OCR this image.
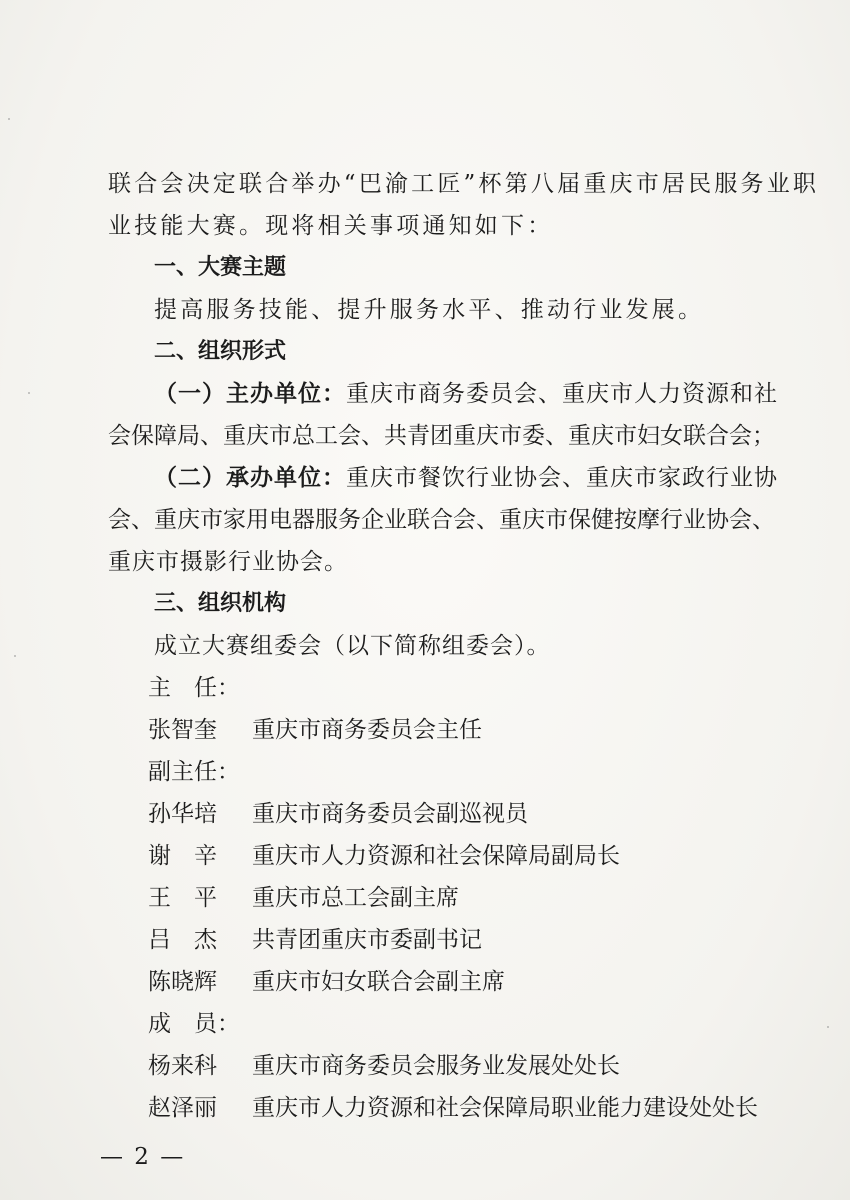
联合会决定联合举办“巴渝工匠”杯第八届重庆市居民服务业职
业技能大赛。现将相关事项通知如下：
一、大赛主题
提高服务技能、提升服务水平、推动行业发展。
二、组织形式
（一）主办单位：重庆市商务委员会、重庆市人力资源和社
会保障局、重庆市总工会、共青团重庆市委、重庆市妇女联合会；
（二）承办单位：重庆市餐饮行业协会、重庆市家政行业协
会、重庆市家用电器服务企业联合会、重庆市保健按摩行业协会、
重庆市摄影行业协会。
三、组织机构
成立大赛组委会（以下简称组委会）。
主　任：
张智奎 重庆市商务委员会主任
副主任：
孙华培 重庆市商务委员会副巡视员
谢　辛 重庆市人力资源和社会保障局副局长
王　平 重庆市总工会副主席
吕　杰 共青团重庆市委副书记
陈晓辉 重庆市妇女联合会副主席
成　员：
杨来科 重庆市商务委员会服务业发展处处长
赵泽丽 重庆市人力资源和社会保障局职业能力建设处处长
— 2 —
